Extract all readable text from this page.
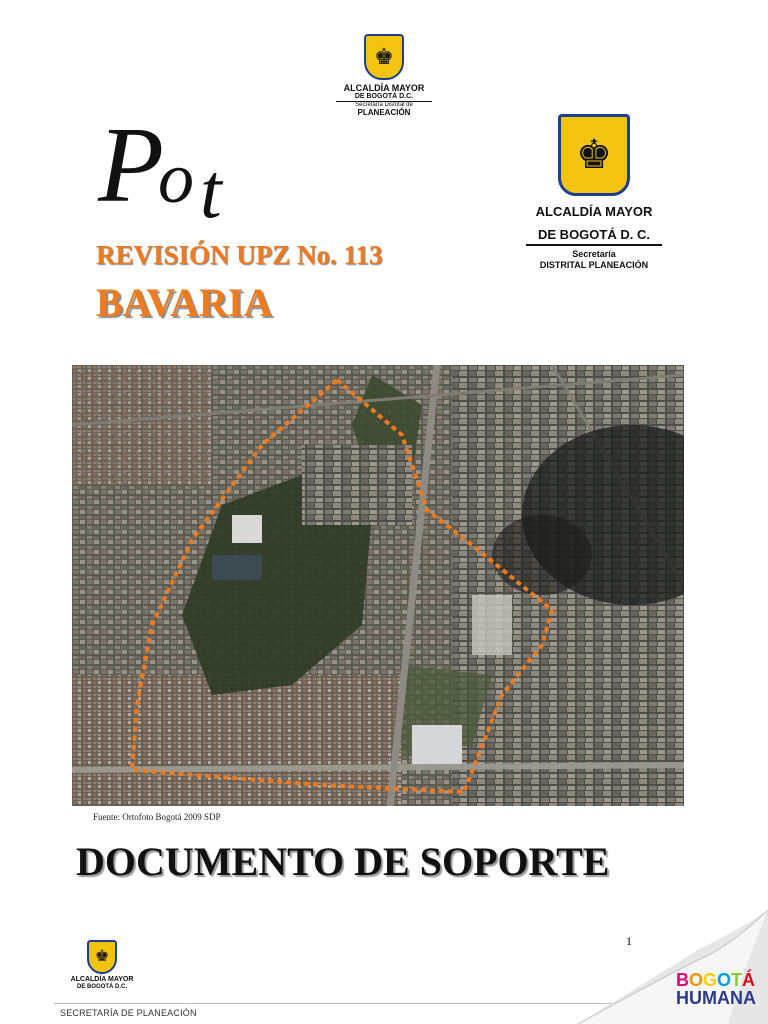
♚
ALCALDÍA MAYOR
DE BOGOTÁ D.C.
Secretaría Distrital de
PLANEACIÓN
P
o t
REVISIÓN UPZ No. 113
BAVARIA
♚
ALCALDÍA MAYOR
DE BOGOTÁ D. C.
Secretaría
DISTRITAL PLANEACIÓN
Fuente: Ortofoto Bogotá 2009 SDP
DOCUMENTO DE SOPORTE
1
♚
ALCALDÍA MAYOR
DE BOGOTÁ D.C.
SECRETARÍA DE PLANEACIÓN
BOGOTÁ
HUMANA
